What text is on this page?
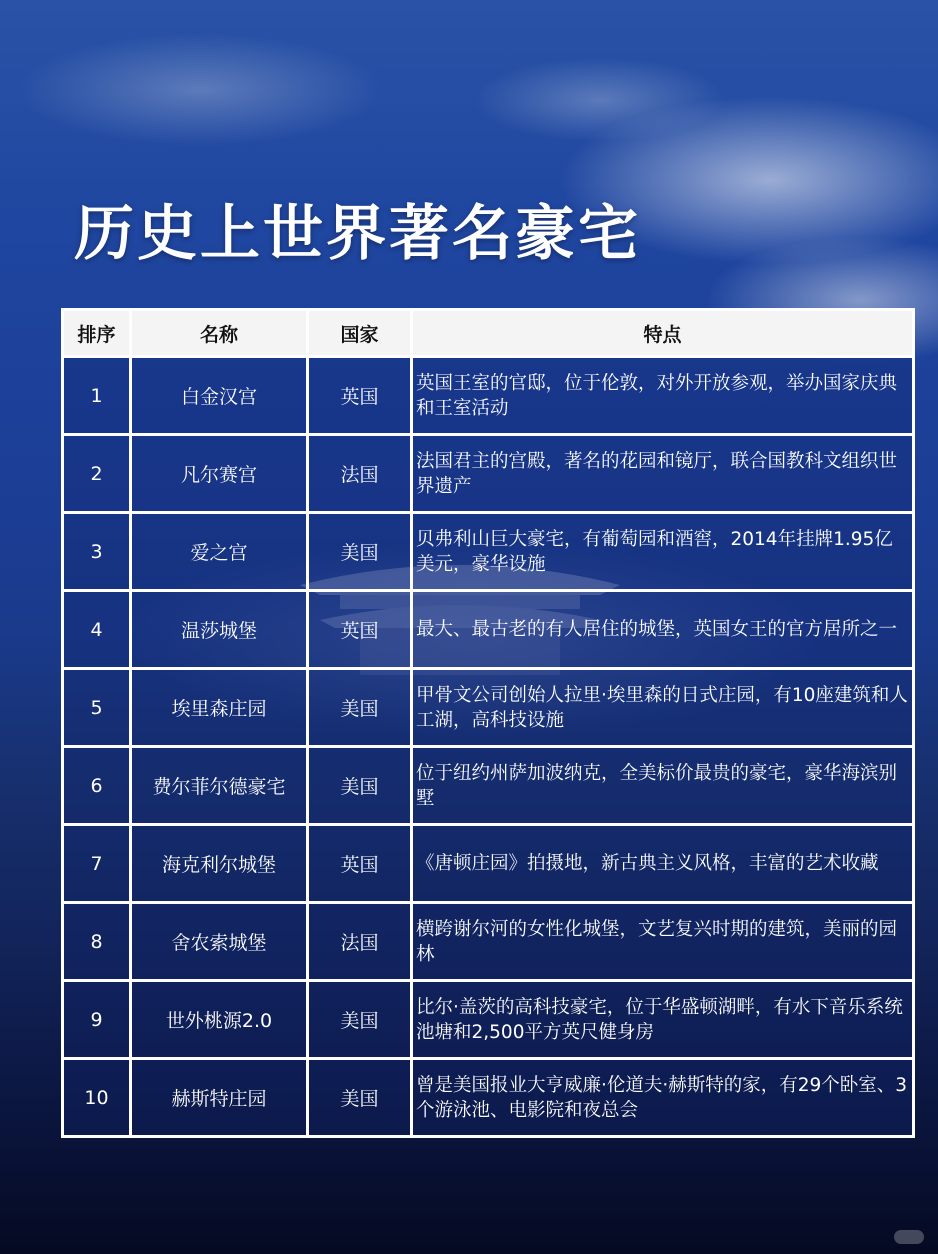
历史上世界著名豪宅
排序	名称	国家	特点
1	白金汉宫	英国	英国王室的官邸，位于伦敦，对外开放参观，举办国家庆典和王室活动
2	凡尔赛宫	法国	法国君主的宫殿，著名的花园和镜厅，联合国教科文组织世界遗产
3	爱之宫	美国	贝弗利山巨大豪宅，有葡萄园和酒窖，2014年挂牌1.95亿美元，豪华设施
4	温莎城堡	英国	最大、最古老的有人居住的城堡，英国女王的官方居所之一
5	埃里森庄园	美国	甲骨文公司创始人拉里·埃里森的日式庄园，有10座建筑和人工湖，高科技设施
6	费尔菲尔德豪宅	美国	位于纽约州萨加波纳克，全美标价最贵的豪宅，豪华海滨别墅
7	海克利尔城堡	英国	《唐顿庄园》拍摄地，新古典主义风格，丰富的艺术收藏
8	舍农索城堡	法国	横跨谢尔河的女性化城堡，文艺复兴时期的建筑，美丽的园林
9	世外桃源2.0	美国	比尔·盖茨的高科技豪宅，位于华盛顿湖畔，有水下音乐系统池塘和2,500平方英尺健身房
10	赫斯特庄园	美国	曾是美国报业大亨威廉·伦道夫·赫斯特的家，有29个卧室、3个游泳池、电影院和夜总会
